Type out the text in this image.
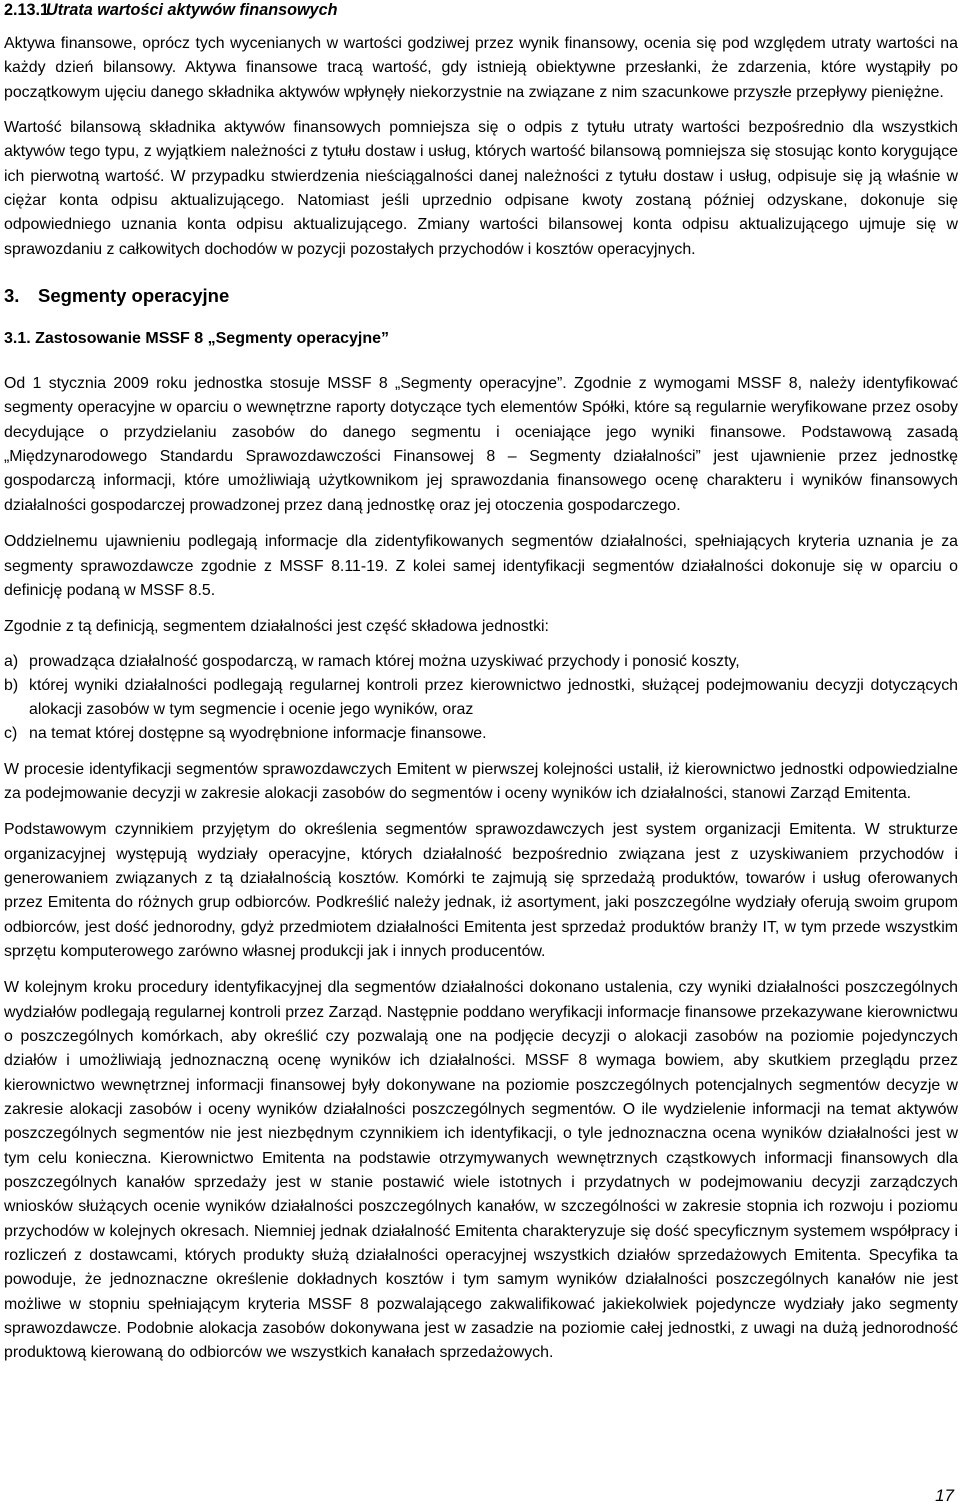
2.13.1Utrata wartości aktywów finansowych

Aktywa finansowe, oprócz tych wycenianych w wartości godziwej przez wynik finansowy, ocenia się pod względem utraty wartości na każdy dzień bilansowy. Aktywa finansowe tracą wartość, gdy istnieją obiektywne przesłanki, że zdarzenia, które wystąpiły po początkowym ujęciu danego składnika aktywów wpłynęły niekorzystnie na związane z nim szacunkowe przyszłe przepływy pieniężne.

Wartość bilansową składnika aktywów finansowych pomniejsza się o odpis z tytułu utraty wartości bezpośrednio dla wszystkich aktywów tego typu, z wyjątkiem należności z tytułu dostaw i usług, których wartość bilansową pomniejsza się stosując konto korygujące ich pierwotną wartość. W przypadku stwierdzenia nieściągalności danej należności z tytułu dostaw i usług, odpisuje się ją właśnie w ciężar konta odpisu aktualizującego. Natomiast jeśli uprzednio odpisane kwoty zostaną później odzyskane, dokonuje się odpowiedniego uznania konta odpisu aktualizującego. Zmiany wartości bilansowej konta odpisu aktualizującego ujmuje się w sprawozdaniu z całkowitych dochodów w pozycji pozostałych przychodów i kosztów operacyjnych.

3. Segmenty operacyjne
3.1. Zastosowanie MSSF 8 „Segmenty operacyjne”

Od 1 stycznia 2009 roku jednostka stosuje MSSF 8 „Segmenty operacyjne”. Zgodnie z wymogami MSSF 8, należy identyfikować segmenty operacyjne w oparciu o wewnętrzne raporty dotyczące tych elementów Spółki, które są regularnie weryfikowane przez osoby decydujące o przydzielaniu zasobów do danego segmentu i oceniające jego wyniki finansowe. Podstawową zasadą „Międzynarodowego Standardu Sprawozdawczości Finansowej 8 – Segmenty działalności” jest ujawnienie przez jednostkę gospodarczą informacji, które umożliwiają użytkownikom jej sprawozdania finansowego ocenę charakteru i wyników finansowych działalności gospodarczej prowadzonej przez daną jednostkę oraz jej otoczenia gospodarczego.

Oddzielnemu ujawnieniu podlegają informacje dla zidentyfikowanych segmentów działalności, spełniających kryteria uznania je za segmenty sprawozdawcze zgodnie z MSSF 8.11-19. Z kolei samej identyfikacji segmentów działalności dokonuje się w oparciu o definicję podaną w MSSF 8.5.

Zgodnie z tą definicją, segmentem działalności jest część składowa jednostki:

a) prowadząca działalność gospodarczą, w ramach której można uzyskiwać przychody i ponosić koszty,
b) której wyniki działalności podlegają regularnej kontroli przez kierownictwo jednostki, służącej podejmowaniu decyzji dotyczących alokacji zasobów w tym segmencie i ocenie jego wyników, oraz
c) na temat której dostępne są wyodrębnione informacje finansowe.

W procesie identyfikacji segmentów sprawozdawczych Emitent w pierwszej kolejności ustalił, iż kierownictwo jednostki odpowiedzialne za podejmowanie decyzji w zakresie alokacji zasobów do segmentów i oceny wyników ich działalności, stanowi Zarząd Emitenta.

Podstawowym czynnikiem przyjętym do określenia segmentów sprawozdawczych jest system organizacji Emitenta. W strukturze organizacyjnej występują wydziały operacyjne, których działalność bezpośrednio związana jest z uzyskiwaniem przychodów i generowaniem związanych z tą działalnością kosztów. Komórki te zajmują się sprzedażą produktów, towarów i usług oferowanych przez Emitenta do różnych grup odbiorców. Podkreślić należy jednak, iż asortyment, jaki poszczególne wydziały oferują swoim grupom odbiorców, jest dość jednorodny, gdyż przedmiotem działalności Emitenta jest sprzedaż produktów branży IT, w tym przede wszystkim sprzętu komputerowego zarówno własnej produkcji jak i innych producentów.

W kolejnym kroku procedury identyfikacyjnej dla segmentów działalności dokonano ustalenia, czy wyniki działalności poszczególnych wydziałów podlegają regularnej kontroli przez Zarząd. Następnie poddano weryfikacji informacje finansowe przekazywane kierownictwu o poszczególnych komórkach, aby określić czy pozwalają one na podjęcie decyzji o alokacji zasobów na poziomie pojedynczych działów i umożliwiają jednoznaczną ocenę wyników ich działalności. MSSF 8 wymaga bowiem, aby skutkiem przeglądu przez kierownictwo wewnętrznej informacji finansowej były dokonywane na poziomie poszczególnych potencjalnych segmentów decyzje w zakresie alokacji zasobów i oceny wyników działalności poszczególnych segmentów. O ile wydzielenie informacji na temat aktywów poszczególnych segmentów nie jest niezbędnym czynnikiem ich identyfikacji, o tyle jednoznaczna ocena wyników działalności jest w tym celu konieczna. Kierownictwo Emitenta na podstawie otrzymywanych wewnętrznych cząstkowych informacji finansowych dla poszczególnych kanałów sprzedaży jest w stanie postawić wiele istotnych i przydatnych w podejmowaniu decyzji zarządczych wniosków służących ocenie wyników działalności poszczególnych kanałów, w szczególności w zakresie stopnia ich rozwoju i poziomu przychodów w kolejnych okresach. Niemniej jednak działalność Emitenta charakteryzuje się dość specyficznym systemem współpracy i rozliczeń z dostawcami, których produkty służą działalności operacyjnej wszystkich działów sprzedażowych Emitenta. Specyfika ta powoduje, że jednoznaczne określenie dokładnych kosztów i tym samym wyników działalności poszczególnych kanałów nie jest możliwe w stopniu spełniającym kryteria MSSF 8 pozwalającego zakwalifikować jakiekolwiek pojedyncze wydziały jako segmenty sprawozdawcze. Podobnie alokacja zasobów dokonywana jest w zasadzie na poziomie całej jednostki, z uwagi na dużą jednorodność produktową kierowaną do odbiorców we wszystkich kanałach sprzedażowych.

17
